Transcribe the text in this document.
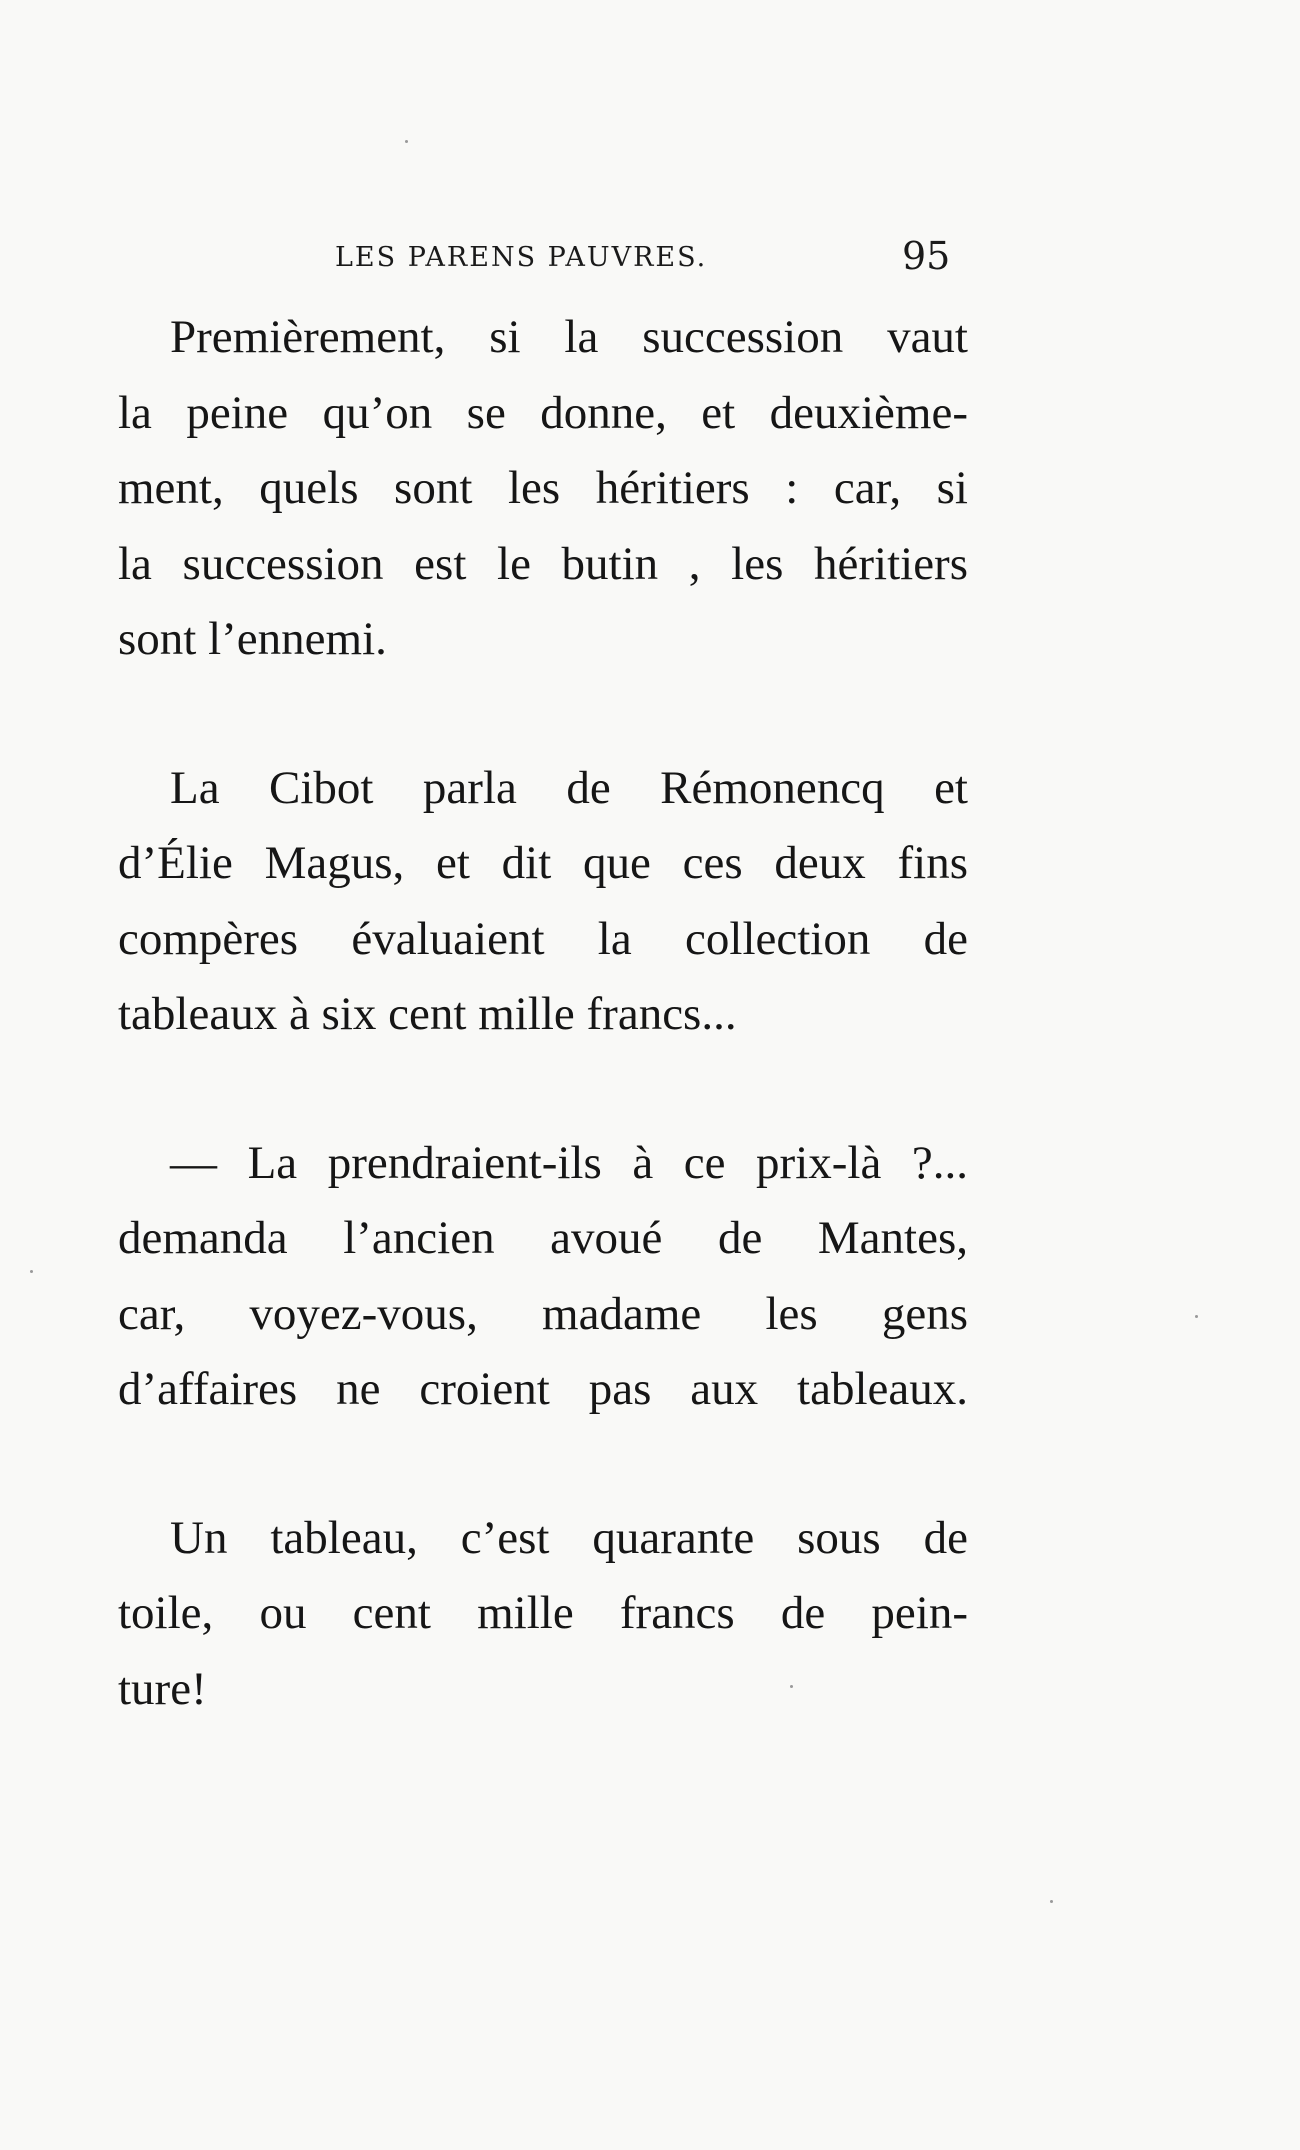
LES PARENS PAUVRES.	95
Premièrement, si la succession vaut
la peine qu’on se donne, et deuxième-
ment, quels sont les héritiers : car, si
la succession est le butin , les héritiers
sont l’ennemi.
La Cibot parla de Rémonencq et
d’Élie Magus, et dit que ces deux fins
compères évaluaient la collection de
tableaux à six cent mille francs...
— La prendraient-ils à ce prix-là ?...
demanda l’ancien avoué de Mantes,
car, voyez-vous, madame les gens
d’affaires ne croient pas aux tableaux.
Un tableau, c’est quarante sous de
toile, ou cent mille francs de pein-
ture!
